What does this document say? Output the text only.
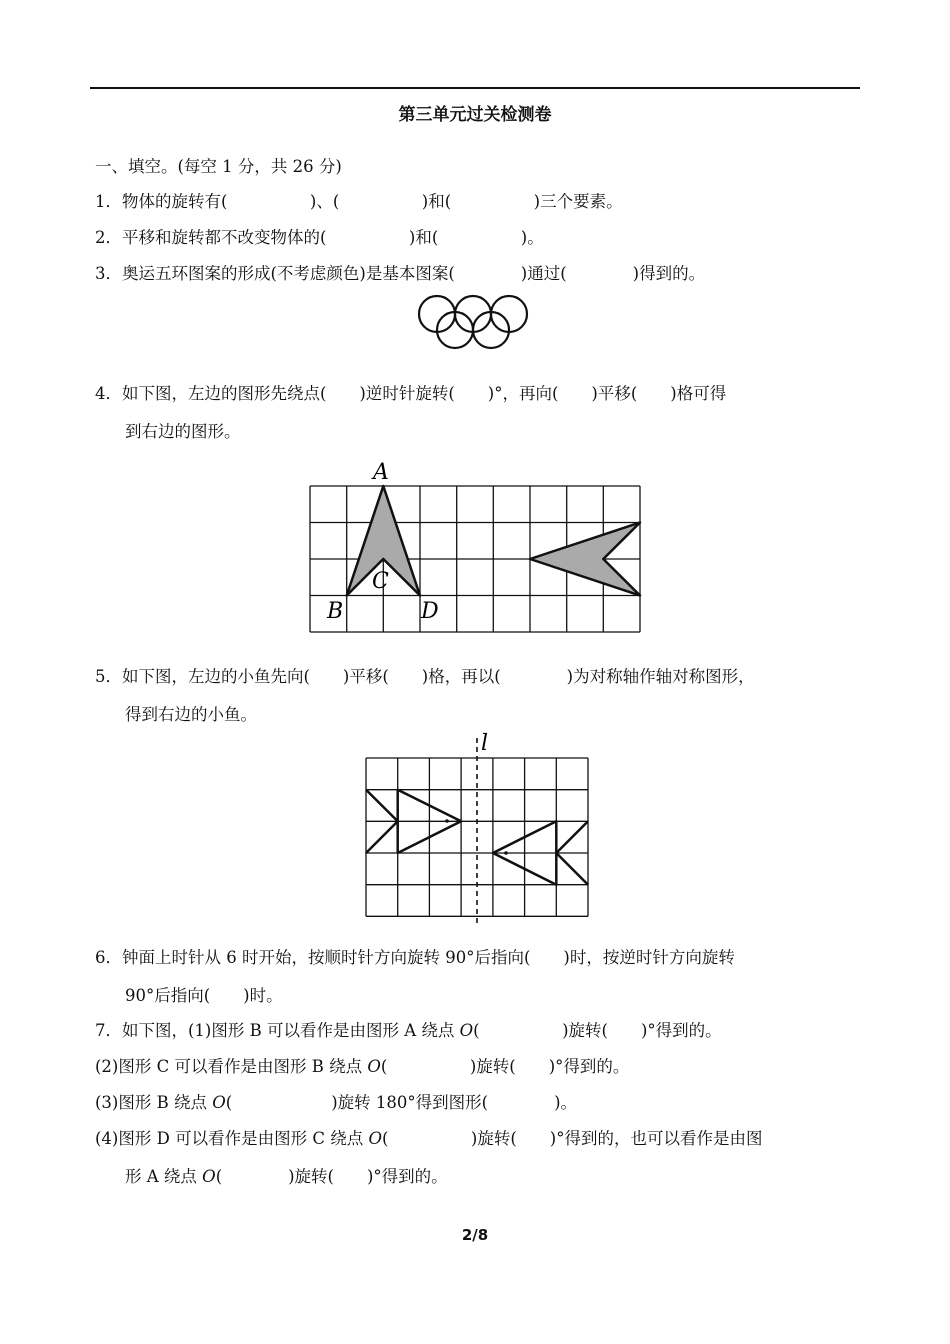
第三单元过关检测卷
一、填空。(每空 1 分，共 26 分)
1．物体的旋转有(　　　　　)、(　　　　　)和(　　　　　)三个要素。
2．平移和旋转都不改变物体的(　　　　　)和(　　　　　)。
3．奥运五环图案的形成(不考虑颜色)是基本图案(　　　　)通过(　　　　)得到的。
4．如下图，左边的图形先绕点(　　)逆时针旋转(　　)°，再向(　　)平移(　　)格可得
到右边的图形。
A
C
B	D
5．如下图，左边的小鱼先向(　　)平移(　　)格，再以(　　　　)为对称轴作轴对称图形，
得到右边的小鱼。
l
6．钟面上时针从 6 时开始，按顺时针方向旋转 90°后指向(　　)时，按逆时针方向旋转
90°后指向(　　)时。
7．如下图，(1)图形 B 可以看作是由图形 A 绕点 O(　　　　　)旋转(　　)°得到的。
(2)图形 C 可以看作是由图形 B 绕点 O(　　　　　)旋转(　　)°得到的。
(3)图形 B 绕点 O(　　　　　　)旋转 180°得到图形(　　　　)。
(4)图形 D 可以看作是由图形 C 绕点 O(　　　　　)旋转(　　)°得到的，也可以看作是由图
形 A 绕点 O(　　　　)旋转(　　)°得到的。
2/8
